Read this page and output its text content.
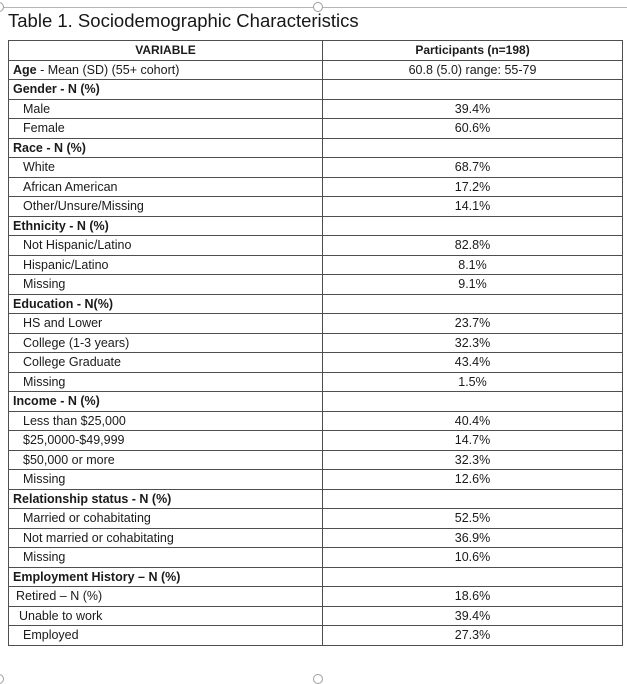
Table 1. Sociodemographic Characteristics
VARIABLE	Participants (n=198)
Age - Mean (SD) (55+ cohort)	60.8 (5.0) range: 55-79
Gender - N (%)	
Male	39.4%
Female	60.6%
Race - N (%)	
White	68.7%
African American	17.2%
Other/Unsure/Missing	14.1%
Ethnicity - N (%)	
Not Hispanic/Latino	82.8%
Hispanic/Latino	8.1%
Missing	9.1%
Education - N(%)	
HS and Lower	23.7%
College (1-3 years)	32.3%
College Graduate	43.4%
Missing	1.5%
Income - N (%)	
Less than $25,000	40.4%
$25,0000-$49,999	14.7%
$50,000 or more	32.3%
Missing	12.6%
Relationship status - N (%)	
Married or cohabitating	52.5%
Not married or cohabitating	36.9%
Missing	10.6%
Employment History – N (%)	
Retired – N (%)	18.6%
Unable to work	39.4%
Employed	27.3%
